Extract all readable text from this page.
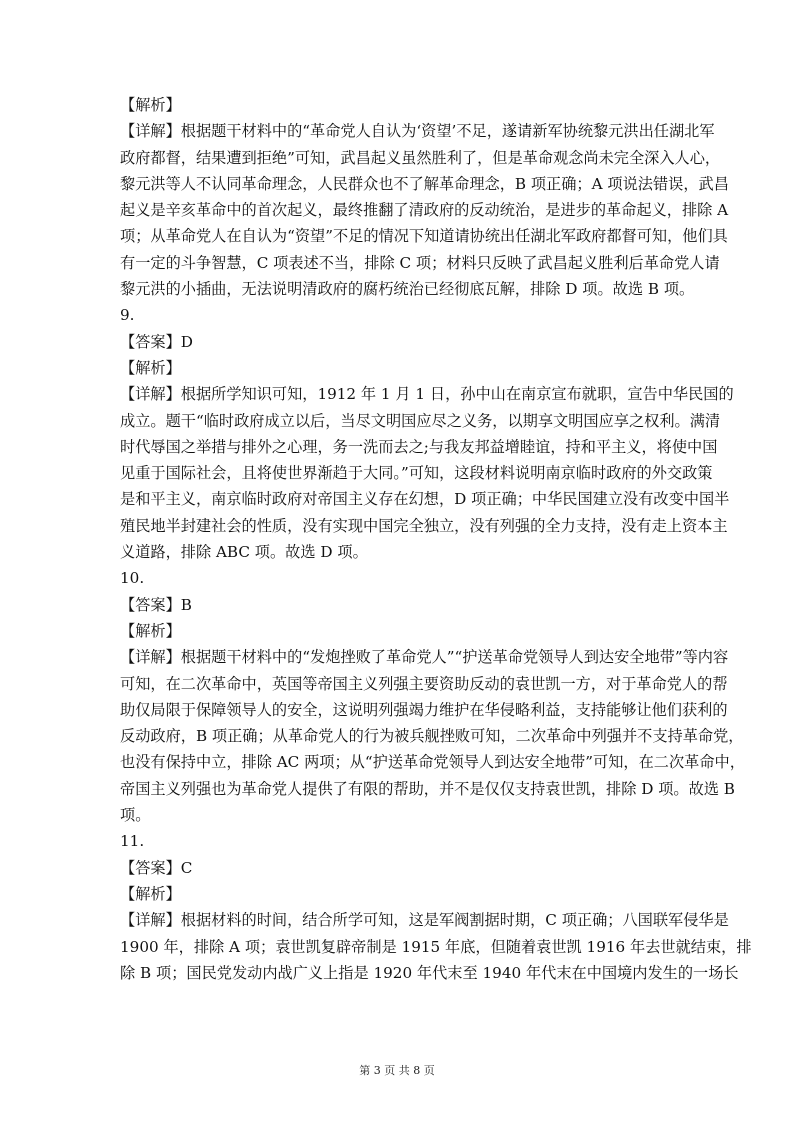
【解析】
【详解】根据题干材料中的“革命党人自认为‘资望’不足，遂请新军协统黎元洪出任湖北军
政府都督，结果遭到拒绝”可知，武昌起义虽然胜利了，但是革命观念尚未完全深入人心，
黎元洪等人不认同革命理念，人民群众也不了解革命理念，B 项正确；A 项说法错误，武昌
起义是辛亥革命中的首次起义，最终推翻了清政府的反动统治，是进步的革命起义，排除 A
项；从革命党人在自认为“资望”不足的情况下知道请协统出任湖北军政府都督可知，他们具
有一定的斗争智慧，C 项表述不当，排除 C 项；材料只反映了武昌起义胜利后革命党人请
黎元洪的小插曲，无法说明清政府的腐朽统治已经彻底瓦解，排除 D 项。故选 B 项。
9.
【答案】D
【解析】
【详解】根据所学知识可知，1912 年 1 月 1 日，孙中山在南京宣布就职，宣告中华民国的
成立。题干“临时政府成立以后，当尽文明国应尽之义务，以期享文明国应享之权利。满清
时代辱国之举措与排外之心理，务一洗而去之;与我友邦益增睦谊，持和平主义，将使中国
见重于国际社会，且将使世界渐趋于大同。”可知，这段材料说明南京临时政府的外交政策
是和平主义，南京临时政府对帝国主义存在幻想，D 项正确；中华民国建立没有改变中国半
殖民地半封建社会的性质，没有实现中国完全独立，没有列强的全力支持，没有走上资本主
义道路，排除 ABC 项。故选 D 项。
10.
【答案】B
【解析】
【详解】根据题干材料中的“发炮挫败了革命党人”“护送革命党领导人到达安全地带”等内容
可知，在二次革命中，英国等帝国主义列强主要资助反动的袁世凯一方，对于革命党人的帮
助仅局限于保障领导人的安全，这说明列强竭力维护在华侵略利益，支持能够让他们获利的
反动政府，B 项正确；从革命党人的行为被兵舰挫败可知，二次革命中列强并不支持革命党，
也没有保持中立，排除 AC 两项；从“护送革命党领导人到达安全地带”可知，在二次革命中，
帝国主义列强也为革命党人提供了有限的帮助，并不是仅仅支持袁世凯，排除 D 项。故选 B
项。
11.
【答案】C
【解析】
【详解】根据材料的时间，结合所学可知，这是军阀割据时期，C 项正确；八国联军侵华是
1900 年，排除 A 项；袁世凯复辟帝制是 1915 年底，但随着袁世凯 1916 年去世就结束，排
除 B 项；国民党发动内战广义上指是 1920 年代末至 1940 年代末在中国境内发生的一场长
第 3 页 共 8 页
